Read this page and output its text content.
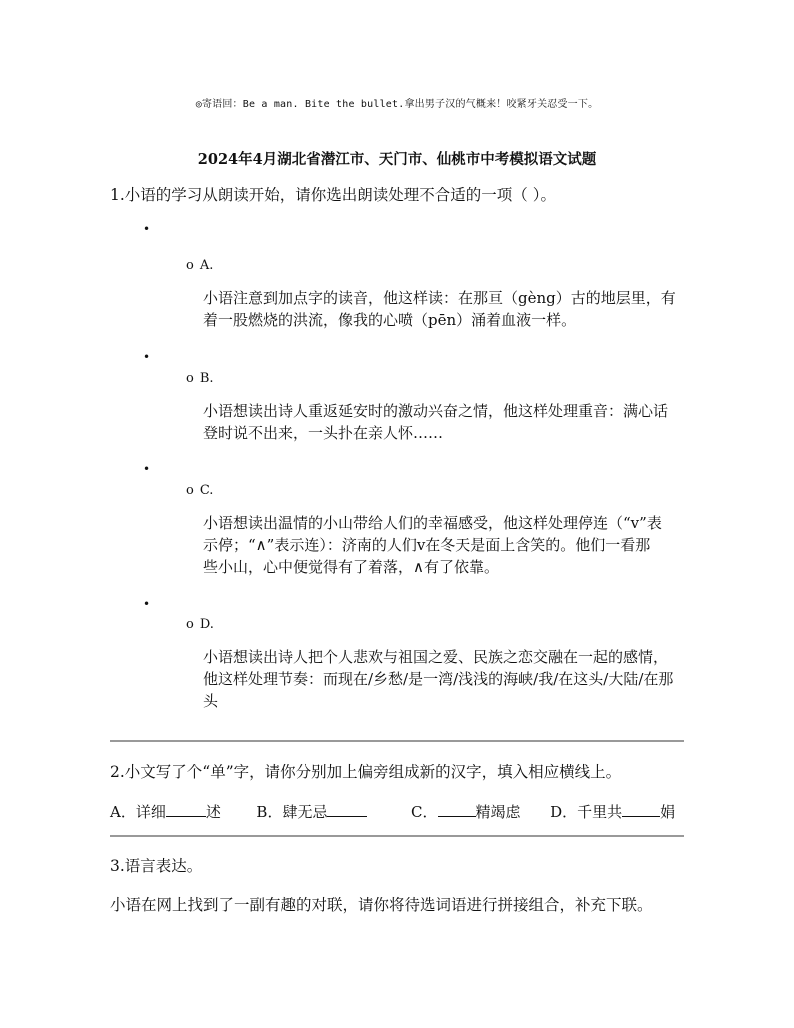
◎寄语回：Be a man. Bite the bullet.拿出男子汉的气概来！咬紧牙关忍受一下。
2024年4月湖北省潜江市、天门市、仙桃市中考模拟语文试题
1.小语的学习从朗读开始，请你选出朗读处理不合适的一项（ ）。
•
o A.
小语注意到加点字的读音，他这样读：在那亘（gèng）古的地层里，有
着一股燃烧的洪流，像我的心喷（pēn）涌着血液一样。
•
o B.
小语想读出诗人重返延安时的激动兴奋之情，他这样处理重音：满心话
登时说不出来，一头扑在亲人怀……
•
o C.
小语想读出温情的小山带给人们的幸福感受，他这样处理停连（“ⅴ”表
示停；“∧”表示连）：济南的人们ⅴ在冬天是面上含笑的。他们一看那
些小山，心中便觉得有了着落，∧有了依靠。
•
o D.
小语想读出诗人把个人悲欢与祖国之爱、民族之恋交融在一起的感情，
他这样处理节奏：而现在/乡愁/是一湾/浅浅的海峡/我/在这头/大陆/在那
头
2.小文写了个“单”字，请你分别加上偏旁组成新的汉字，填入相应横线上。
A．详细	述 B．肆无忌	C．	精竭虑 D．千里共	娟
3.语言表达。
小语在网上找到了一副有趣的对联，请你将待选词语进行拼接组合，补充下联。
